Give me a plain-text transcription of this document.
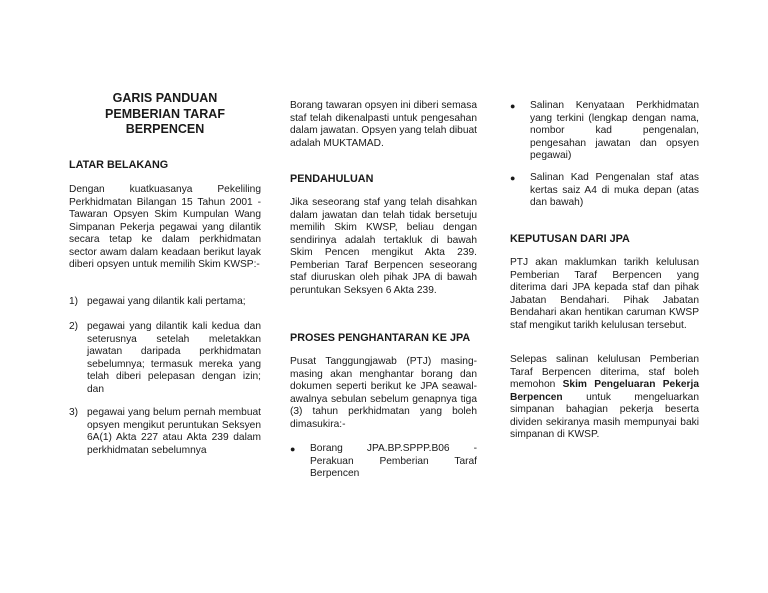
GARIS PANDUAN
PEMBERIAN TARAF
BERPENCEN
LATAR BELAKANG

Dengan kuatkuasanya Pekeliling Perkhidmatan Bilangan 15 Tahun 2001 - Tawaran Opsyen Skim Kumpulan Wang Simpanan Pekerja pegawai yang dilantik secara tetap ke dalam perkhidmatan sector awam dalam keadaan berikut layak diberi opsyen untuk memilih Skim KWSP:-

1) pegawai yang dilantik kali pertama;
2) pegawai yang dilantik kali kedua dan seterusnya setelah meletakkan jawatan daripada perkhidmatan sebelumnya; termasuk mereka yang telah diberi pelepasan dengan izin; dan
3) pegawai yang belum pernah membuat opsyen mengikut peruntukan Seksyen 6A(1) Akta 227 atau Akta 239 dalam perkhidmatan sebelumnya

Borang tawaran opsyen ini diberi semasa staf telah dikenalpasti untuk pengesahan dalam jawatan. Opsyen yang telah dibuat adalah MUKTAMAD.

PENDAHULUAN

Jika seseorang staf yang telah disahkan dalam jawatan dan telah tidak bersetuju memilih Skim KWSP, beliau dengan sendirinya adalah tertakluk di bawah Skim Pencen mengikut Akta 239. Pemberian Taraf Berpencen seseorang staf diuruskan oleh pihak JPA di bawah peruntukan Seksyen 6 Akta 239.

PROSES PENGHANTARAN KE JPA

Pusat Tanggungjawab (PTJ) masing-masing akan menghantar borang dan dokumen seperti berikut ke JPA seawal-awalnya sebulan sebelum genapnya tiga (3) tahun perkhidmatan yang boleh dimasukira:-

● Borang JPA.BP.SPPP.B06 - Perakuan Pemberian Taraf Berpencen
● Salinan Kenyataan Perkhidmatan yang terkini (lengkap dengan nama, nombor kad pengenalan, pengesahan jawatan dan opsyen pegawai)
● Salinan Kad Pengenalan staf atas kertas saiz A4 di muka depan (atas dan bawah)
KEPUTUSAN DARI JPA

PTJ akan maklumkan tarikh kelulusan Pemberian Taraf Berpencen yang diterima dari JPA kepada staf dan pihak Jabatan Bendahari. Pihak Jabatan Bendahari akan hentikan caruman KWSP staf mengikut tarikh kelulusan tersebut.

Selepas salinan kelulusan Pemberian Taraf Berpencen diterima, staf boleh memohon Skim Pengeluaran Pekerja Berpencen untuk mengeluarkan simpanan bahagian pekerja beserta dividen sekiranya masih mempunyai baki simpanan di KWSP.
